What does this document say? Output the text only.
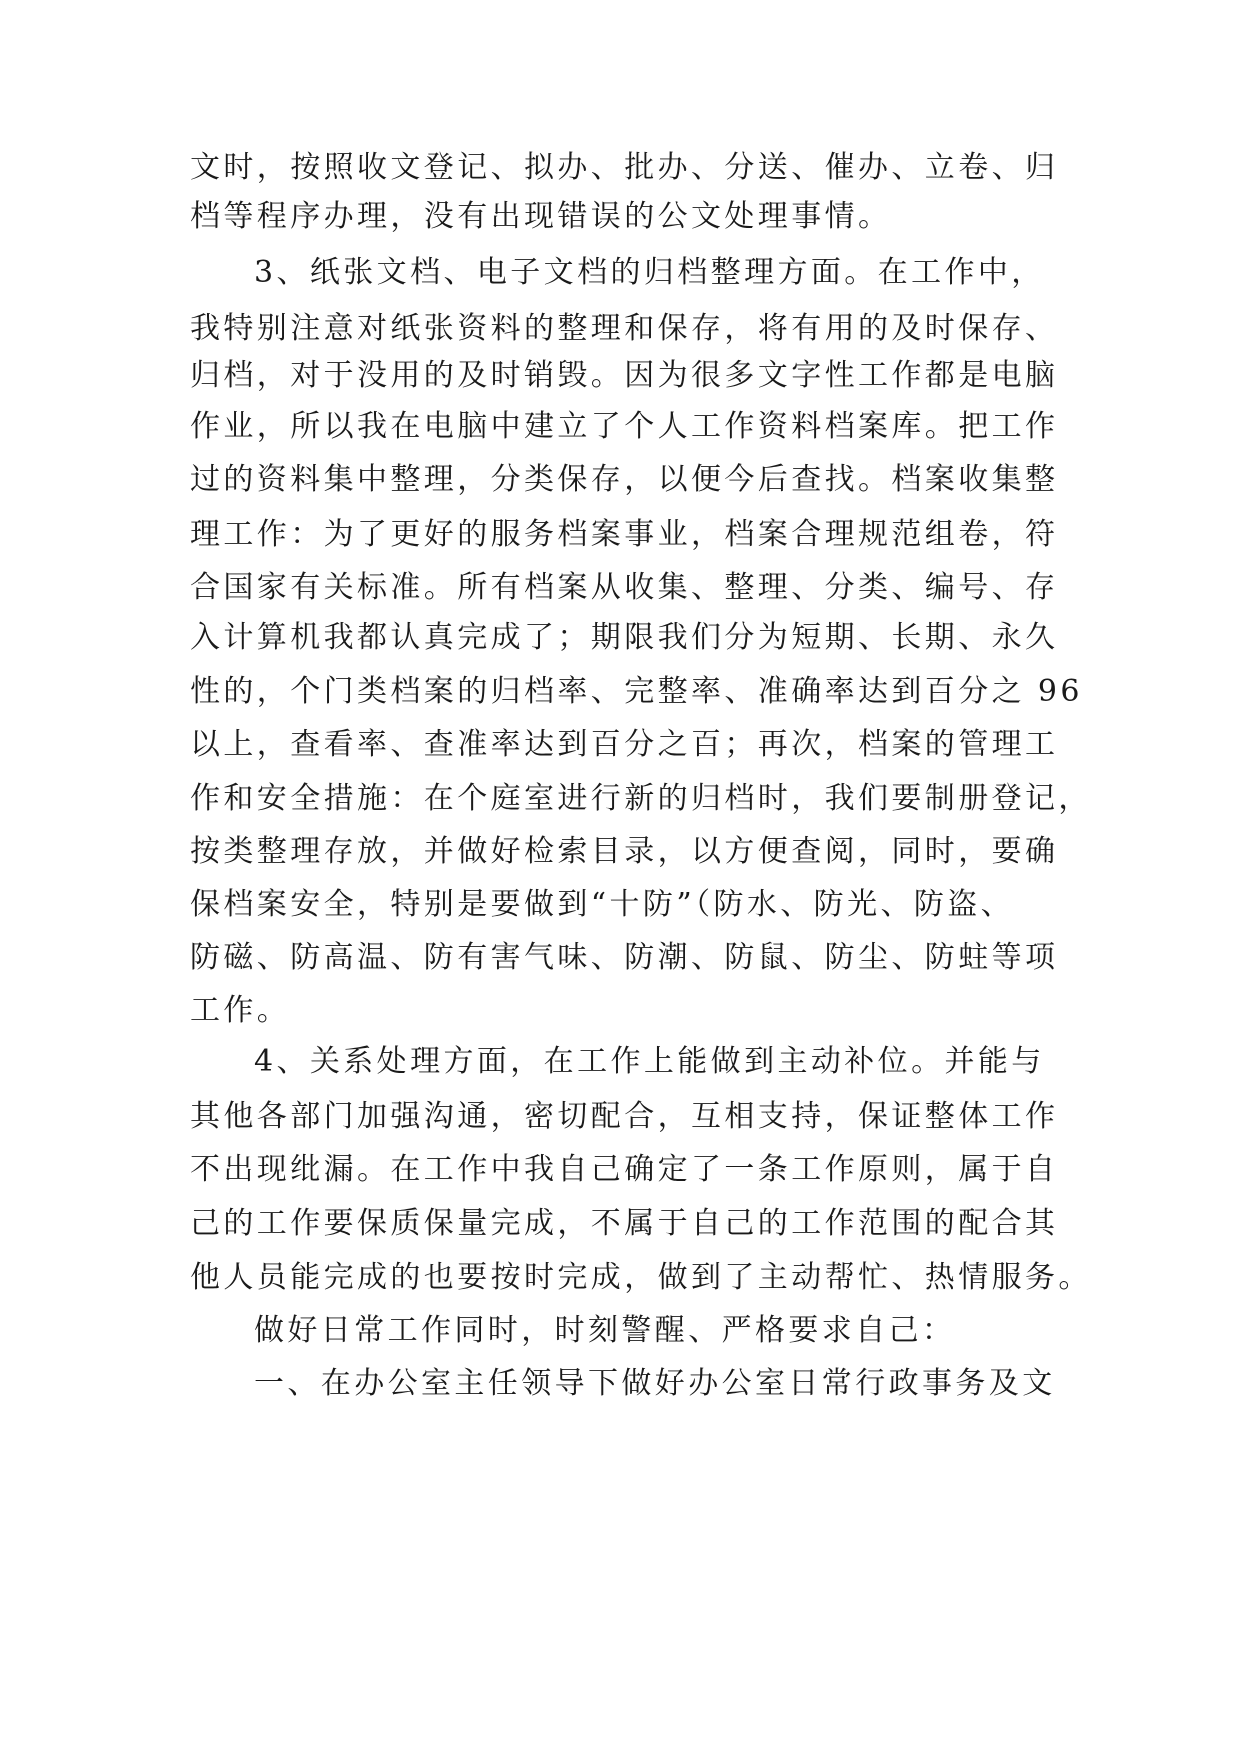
文时，按照收文登记、拟办、批办、分送、催办、立卷、归
档等程序办理，没有出现错误的公文处理事情。
3、纸张文档、电子文档的归档整理方面。在工作中，
我特别注意对纸张资料的整理和保存，将有用的及时保存、
归档，对于没用的及时销毁。因为很多文字性工作都是电脑
作业，所以我在电脑中建立了个人工作资料档案库。把工作
过的资料集中整理，分类保存，以便今后查找。档案收集整
理工作：为了更好的服务档案事业，档案合理规范组卷，符
合国家有关标准。所有档案从收集、整理、分类、编号、存
入计算机我都认真完成了；期限我们分为短期、长期、永久
性的，个门类档案的归档率、完整率、准确率达到百分之 96
以上，查看率、查准率达到百分之百；再次，档案的管理工
作和安全措施：在个庭室进行新的归档时，我们要制册登记，
按类整理存放，并做好检索目录，以方便查阅，同时，要确
保档案安全，特别是要做到“十防”（防水、防光、防盗、
防磁、防高温、防有害气味、防潮、防鼠、防尘、防蛀等项
工作。
4、关系处理方面，在工作上能做到主动补位。并能与
其他各部门加强沟通，密切配合，互相支持，保证整体工作
不出现纰漏。在工作中我自己确定了一条工作原则，属于自
己的工作要保质保量完成，不属于自己的工作范围的配合其
他人员能完成的也要按时完成，做到了主动帮忙、热情服务。
做好日常工作同时，时刻警醒、严格要求自己：
一、在办公室主任领导下做好办公室日常行政事务及文
